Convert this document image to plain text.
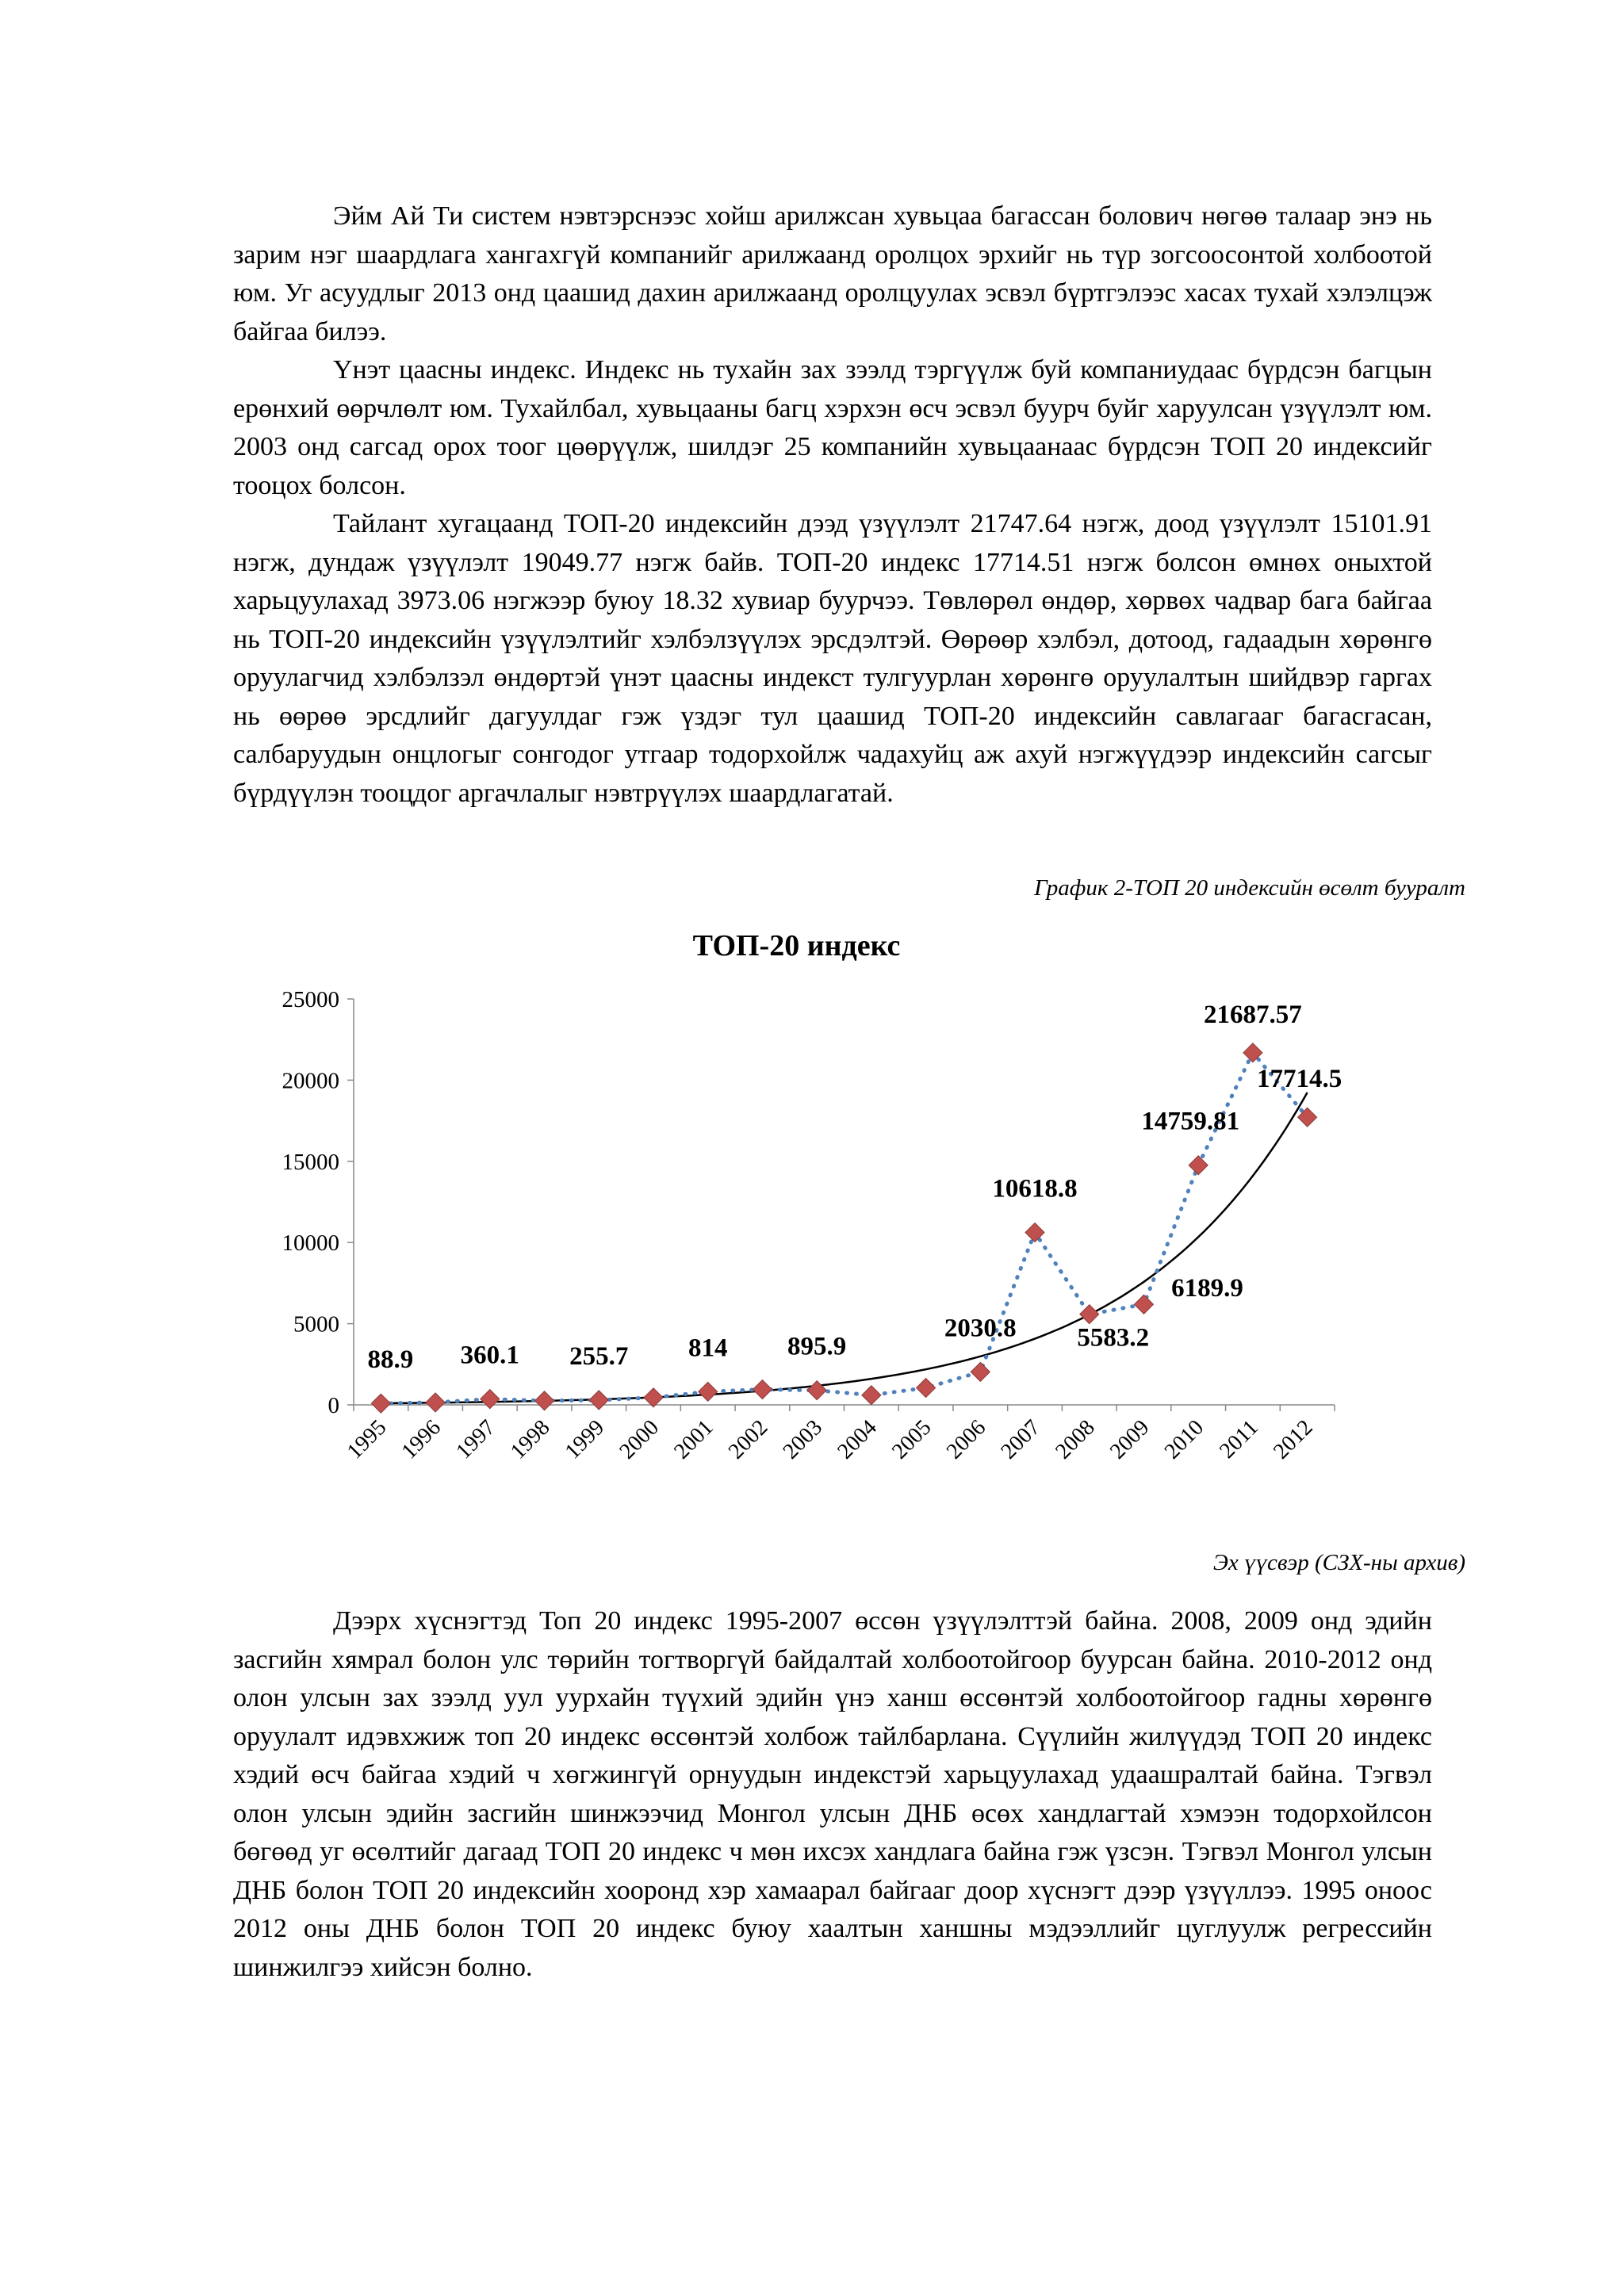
Эйм Ай Ти систем нэвтэрснээс хойш арилжсан хувьцаа багассан болович нөгөө талаар энэ нь зарим нэг шаардлага хангахгүй компанийг арилжаанд оролцох эрхийг нь түр зогсоосонтой холбоотой юм. Уг асуудлыг 2013 онд цаашид дахин арилжаанд оролцуулах эсвэл бүртгэлээс хасах тухай хэлэлцэж байгаа билээ.

Үнэт цаасны индекс. Индекс нь тухайн зах зээлд тэргүүлж буй компаниудаас бүрдсэн багцын ерөнхий өөрчлөлт юм. Тухайлбал, хувьцааны багц хэрхэн өсч эсвэл буурч буйг харуулсан үзүүлэлт юм. 2003 онд сагсад орох тоог цөөрүүлж, шилдэг 25 компанийн хувьцаанаас бүрдсэн ТОП 20 индексийг тооцох болсон.

Тайлант хугацаанд ТОП-20 индексийн дээд үзүүлэлт 21747.64 нэгж, доод үзүүлэлт 15101.91 нэгж, дундаж үзүүлэлт 19049.77 нэгж байв. ТОП-20 индекс 17714.51 нэгж болсон өмнөх оныхтой харьцуулахад 3973.06 нэгжээр буюу 18.32 хувиар буурчээ. Төвлөрөл өндөр, хөрвөх чадвар бага байгаа нь ТОП-20 индексийн үзүүлэлтийг хэлбэлзүүлэх эрсдэлтэй. Өөрөөр хэлбэл, дотоод, гадаадын хөрөнгө оруулагчид хэлбэлзэл өндөртэй үнэт цаасны индекст тулгуурлан хөрөнгө оруулалтын шийдвэр гаргах нь өөрөө эрсдлийг дагуулдаг гэж үздэг тул цаашид ТОП-20 индексийн савлагааг багасгасан, салбаруудын онцлогыг сонгодог утгаар тодорхойлж чадахуйц аж ахуй нэгжүүдээр индексийн сагсыг бүрдүүлэн тооцдог аргачлалыг нэвтрүүлэх шаардлагатай.

График 2-ТОП 20 индексийн өсөлт бууралт
ТОП-20 индекс
0
5000
10000
15000
20000
25000
1995 1996 1997 1998 1999 2000 2001 2002 2003 2004 2005 2006 2007 2008 2009 2010 2011 2012
88.9 360.1 255.7 814 895.9
2030.8
10618.8
5583.2
6189.9
14759.81
21687.57
17714.5
Эх үүсвэр (СЗХ-ны архив)

Дээрх хүснэгтэд Топ 20 индекс 1995-2007 өссөн үзүүлэлттэй байна. 2008, 2009 онд эдийн засгийн хямрал болон улс төрийн тогтворгүй байдалтай холбоотойгоор буурсан байна. 2010-2012 онд олон улсын зах зээлд уул уурхайн түүхий эдийн үнэ ханш өссөнтэй холбоотойгоор гадны хөрөнгө оруулалт идэвхжиж топ 20 индекс өссөнтэй холбож тайлбарлана. Сүүлийн жилүүдэд ТОП 20 индекс хэдий өсч байгаа хэдий ч хөгжингүй орнуудын индекстэй харьцуулахад удаашралтай байна. Тэгвэл олон улсын эдийн засгийн шинжээчид Монгол улсын ДНБ өсөх хандлагтай хэмээн тодорхойлсон бөгөөд уг өсөлтийг дагаад ТОП 20 индекс ч мөн ихсэх хандлага байна гэж үзсэн. Тэгвэл Монгол улсын ДНБ болон ТОП 20 индексийн хооронд хэр хамаарал байгааг доор хүснэгт дээр үзүүллээ. 1995 оноос 2012 оны ДНБ болон ТОП 20 индекс буюу хаалтын ханшны мэдээллийг цуглуулж регрессийн шинжилгээ хийсэн болно.
